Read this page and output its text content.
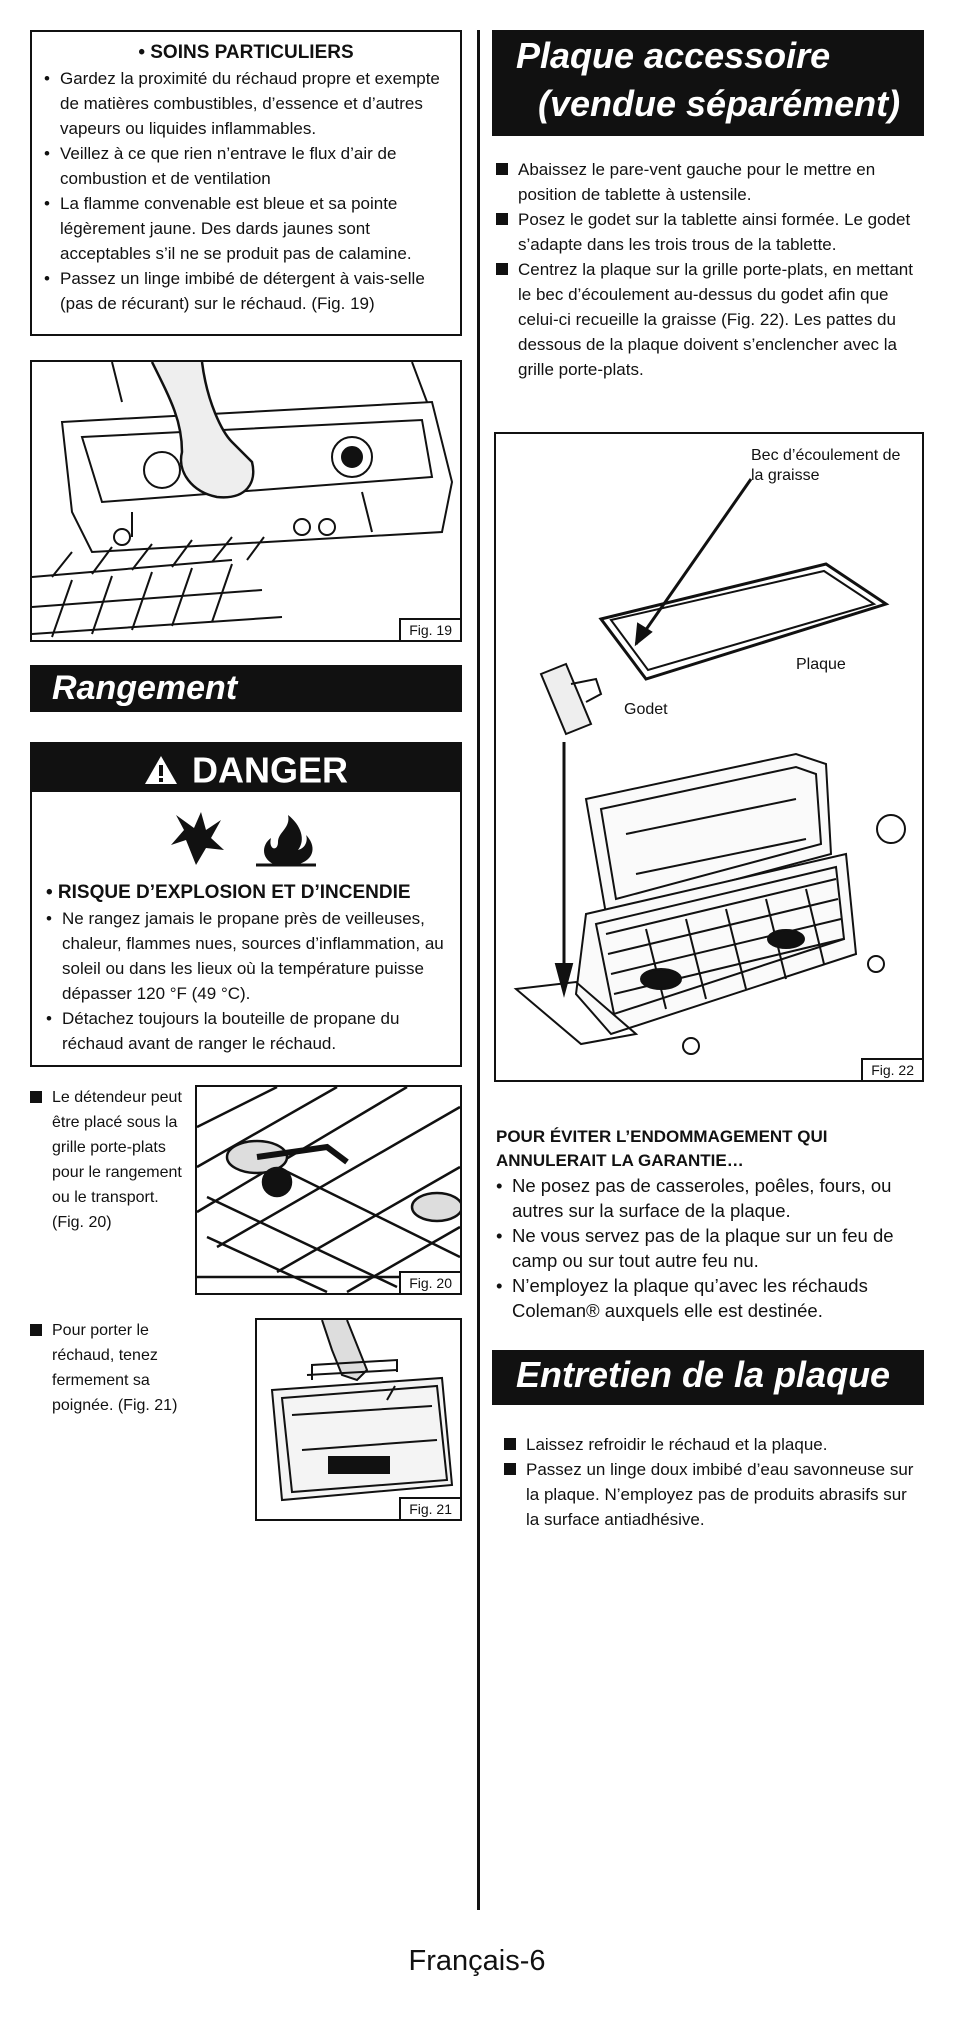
• SOINS PARTICULIERS
• Gardez la proximité du réchaud propre et exempte de matières combustibles, d’essence et d’autres vapeurs ou liquides inflammables.
• Veillez à ce que rien n’entrave le flux d’air de combustion et de ventilation
• La flamme convenable est bleue et sa pointe légèrement jaune. Des dards jaunes sont acceptables s’il ne se produit pas de calamine.
• Passez un linge imbibé de détergent à vais-selle (pas de récurant) sur le réchaud. (Fig. 19)
Fig. 19
Rangement
DANGER
• RISQUE D’EXPLOSION ET D’INCENDIE
• Ne rangez jamais le propane près de veilleuses, chaleur, flammes nues, sources d’inflammation, au soleil ou dans les lieux où la température puisse dépasser 120 °F (49 °C).
• Détachez toujours la bouteille de propane du réchaud avant de ranger le réchaud.
Le détendeur peut être placé sous la grille porte-plats pour le rangement ou le transport. (Fig. 20)
Fig. 20
Pour porter le réchaud, tenez fermement sa poignée. (Fig. 21)
Fig. 21
Plaque accessoire
(vendue séparément)
Abaissez le pare-vent gauche pour le mettre en position de tablette à ustensile.
Posez le godet sur la tablette ainsi formée. Le godet s’adapte dans les trois trous de la tablette.
Centrez la plaque sur la grille porte-plats, en mettant le bec d’écoulement au-dessus du godet afin que celui-ci recueille la graisse (Fig. 22). Les pattes du dessous de la plaque doivent s’enclencher avec la grille porte-plats.
Bec d’écoulement de la graisse
Plaque
Godet
Fig. 22
POUR ÉVITER L’ENDOMMAGEMENT QUI ANNULERAIT LA GARANTIE…
• Ne posez pas de casseroles, poêles, fours, ou autres sur la surface de la plaque.
• Ne vous servez pas de la plaque sur un feu de camp ou sur tout autre feu nu.
• N’employez la plaque qu’avec les réchauds Coleman® auxquels elle est destinée.
Entretien de la plaque
Laissez refroidir le réchaud et la plaque.
Passez un linge doux imbibé d’eau savonneuse sur la plaque. N’employez pas de produits abrasifs sur la surface antiadhésive.
Français-6
